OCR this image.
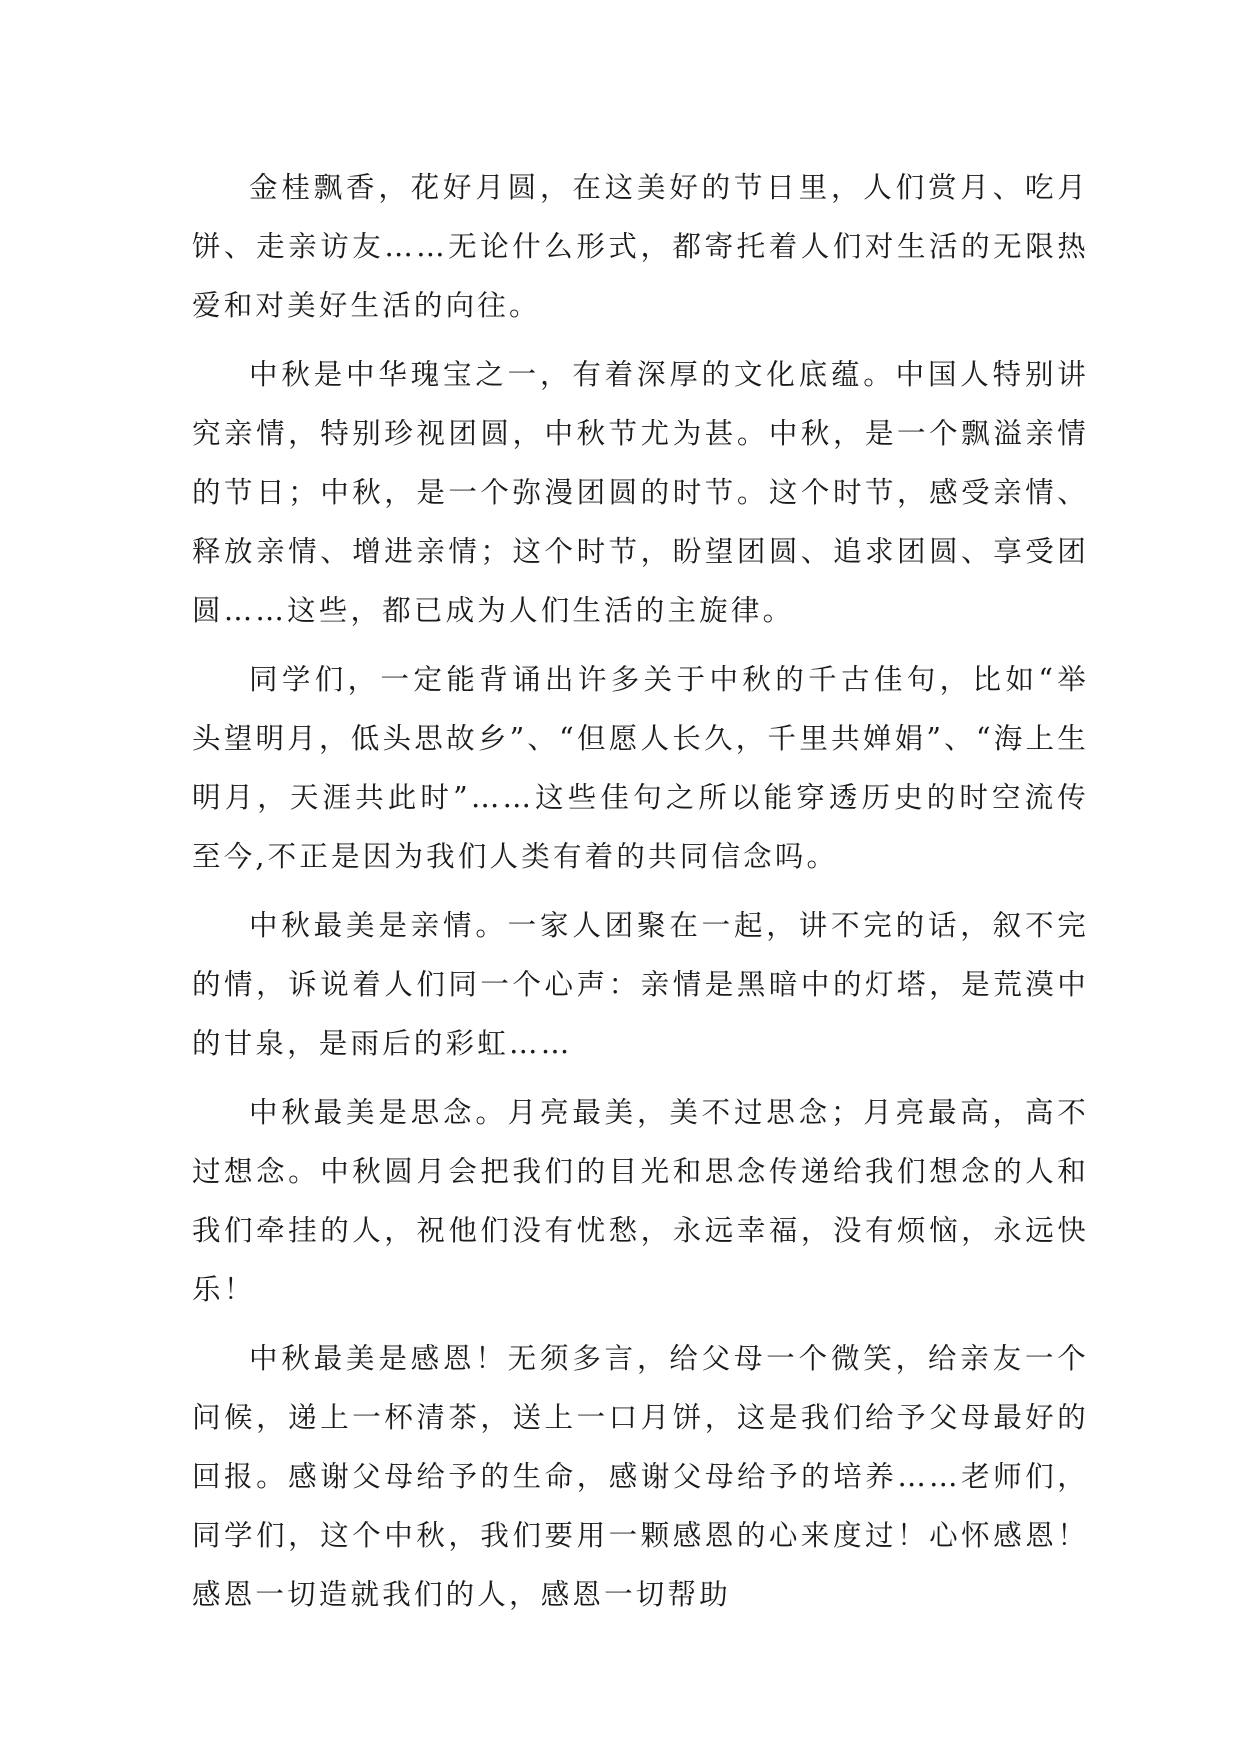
金桂飘香，花好月圆，在这美好的节日里，人们赏月、吃月饼、走亲访友……无论什么形式，都寄托着人们对生活的无限热爱和对美好生活的向往。

中秋是中华瑰宝之一，有着深厚的文化底蕴。中国人特别讲究亲情，特别珍视团圆，中秋节尤为甚。中秋，是一个飘溢亲情的节日；中秋，是一个弥漫团圆的时节。这个时节，感受亲情、释放亲情、增进亲情；这个时节，盼望团圆、追求团圆、享受团圆……这些，都已成为人们生活的主旋律。

同学们，一定能背诵出许多关于中秋的千古佳句，比如“举头望明月，低头思故乡”、“但愿人长久，千里共婵娟”、“海上生明月，天涯共此时”……这些佳句之所以能穿透历史的时空流传至今,不正是因为我们人类有着的共同信念吗。

中秋最美是亲情。一家人团聚在一起，讲不完的话，叙不完的情，诉说着人们同一个心声：亲情是黑暗中的灯塔，是荒漠中的甘泉，是雨后的彩虹……

中秋最美是思念。月亮最美，美不过思念；月亮最高，高不过想念。中秋圆月会把我们的目光和思念传递给我们想念的人和我们牵挂的人，祝他们没有忧愁，永远幸福，没有烦恼，永远快乐！

中秋最美是感恩！无须多言，给父母一个微笑，给亲友一个问候，递上一杯清茶，送上一口月饼，这是我们给予父母最好的回报。感谢父母给予的生命，感谢父母给予的培养……老师们，同学们，这个中秋，我们要用一颗感恩的心来度过！心怀感恩！感恩一切造就我们的人，感恩一切帮助
